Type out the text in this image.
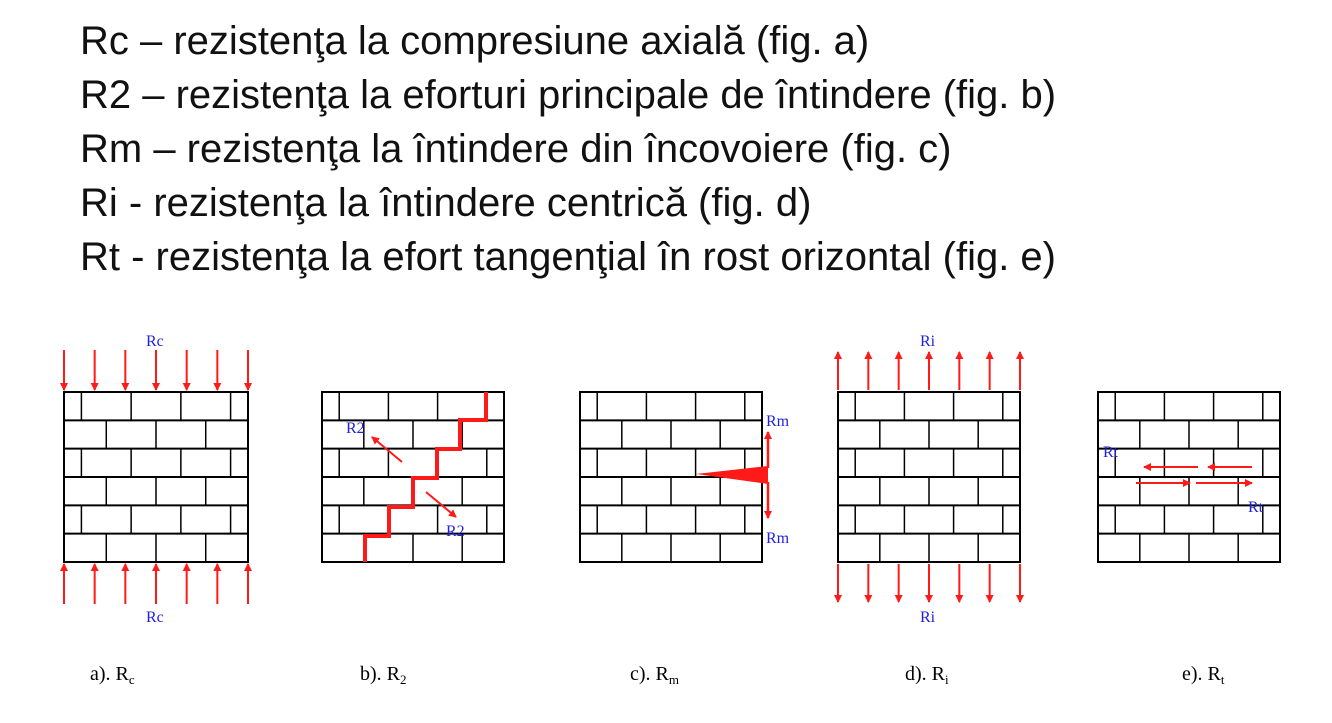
Rc – rezistenţa la compresiune axială (fig. a)
R2 – rezistenţa la eforturi principale de întindere (fig. b)
Rm – rezistenţa la întindere din încovoiere (fig. c)
Ri - rezistenţa la întindere centrică (fig. d)
Rt - rezistenţa la efort tangenţial în rost orizontal (fig. e)
Rc
Rc
a). $R_c$
R2
R2
b). $R_2$
Rm
Rm
c). $R_m$
Ri
Ri
d). $R_i$
Rt
Rt
e). $R_t$
